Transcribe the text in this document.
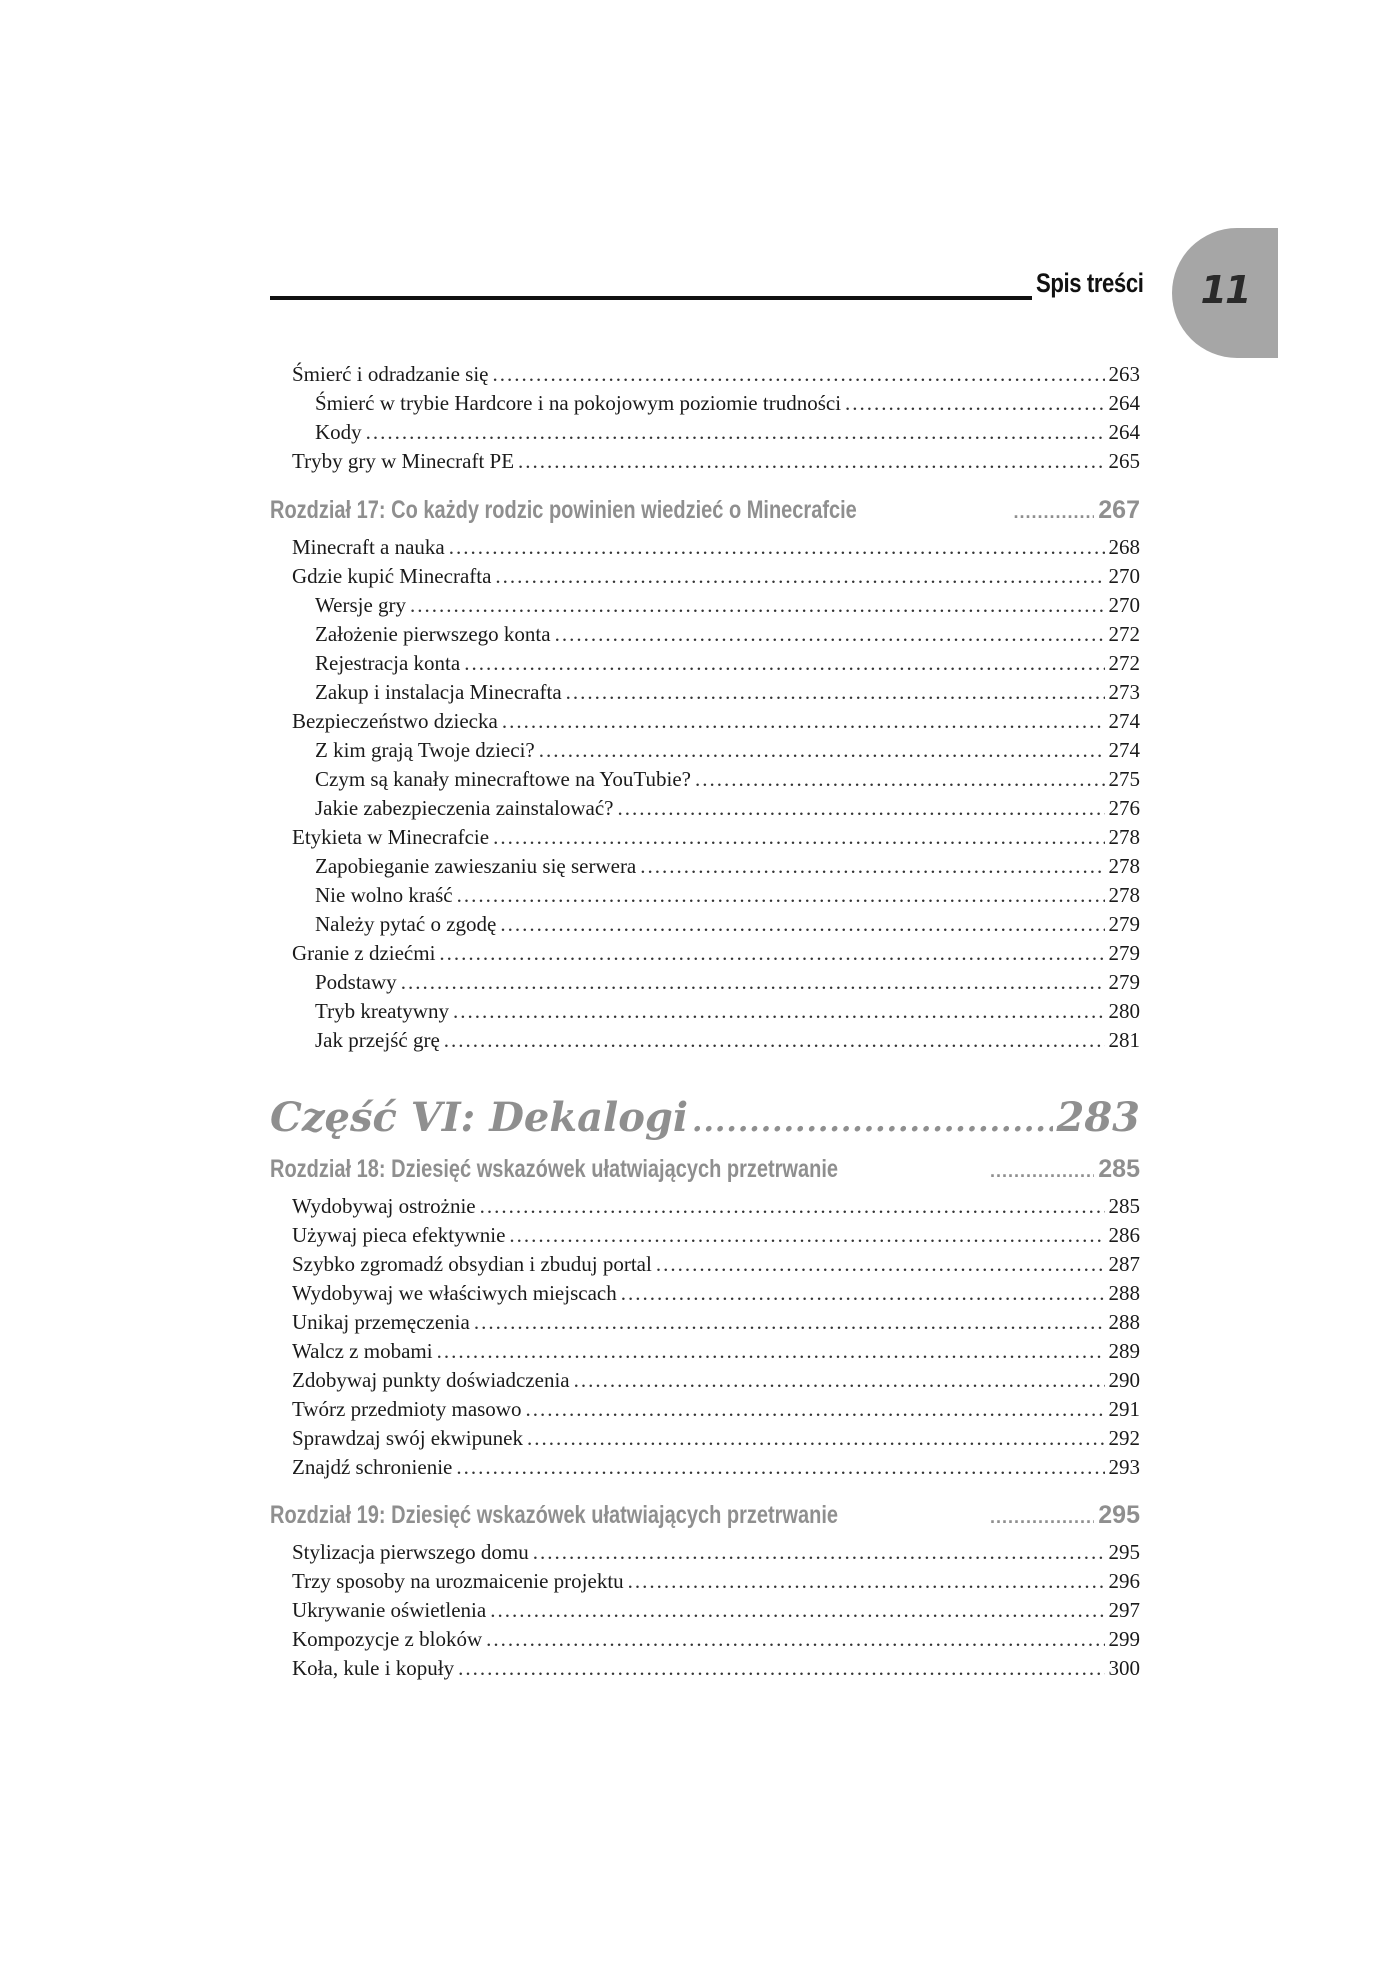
Spis treści	11
Śmierć i odradzanie się .....	263
Śmierć w trybie Hardcore i na pokojowym poziomie trudności .....	264
Kody .....	264
Tryby gry w Minecraft PE .....	265
Rozdział 17: Co każdy rodzic powinien wiedzieć o Minecrafcie .....	267
Minecraft a nauka .....	268
Gdzie kupić Minecrafta .....	270
Wersje gry .....	270
Założenie pierwszego konta .....	272
Rejestracja konta .....	272
Zakup i instalacja Minecrafta .....	273
Bezpieczeństwo dziecka .....	274
Z kim grają Twoje dzieci? .....	274
Czym są kanały minecraftowe na YouTubie? .....	275
Jakie zabezpieczenia zainstalować? .....	276
Etykieta w Minecrafcie .....	278
Zapobieganie zawieszaniu się serwera .....	278
Nie wolno kraść .....	278
Należy pytać o zgodę .....	279
Granie z dziećmi .....	279
Podstawy .....	279
Tryb kreatywny .....	280
Jak przejść grę .....	281
Część VI: Dekalogi .....	283
Rozdział 18: Dziesięć wskazówek ułatwiających przetrwanie .....	285
Wydobywaj ostrożnie .....	285
Używaj pieca efektywnie .....	286
Szybko zgromadź obsydian i zbuduj portal .....	287
Wydobywaj we właściwych miejscach .....	288
Unikaj przemęczenia .....	288
Walcz z mobami .....	289
Zdobywaj punkty doświadczenia .....	290
Twórz przedmioty masowo .....	291
Sprawdzaj swój ekwipunek .....	292
Znajdź schronienie .....	293
Rozdział 19: Dziesięć wskazówek ułatwiających przetrwanie .....	295
Stylizacja pierwszego domu .....	295
Trzy sposoby na urozmaicenie projektu .....	296
Ukrywanie oświetlenia .....	297
Kompozycje z bloków .....	299
Koła, kule i kopuły .....	300
